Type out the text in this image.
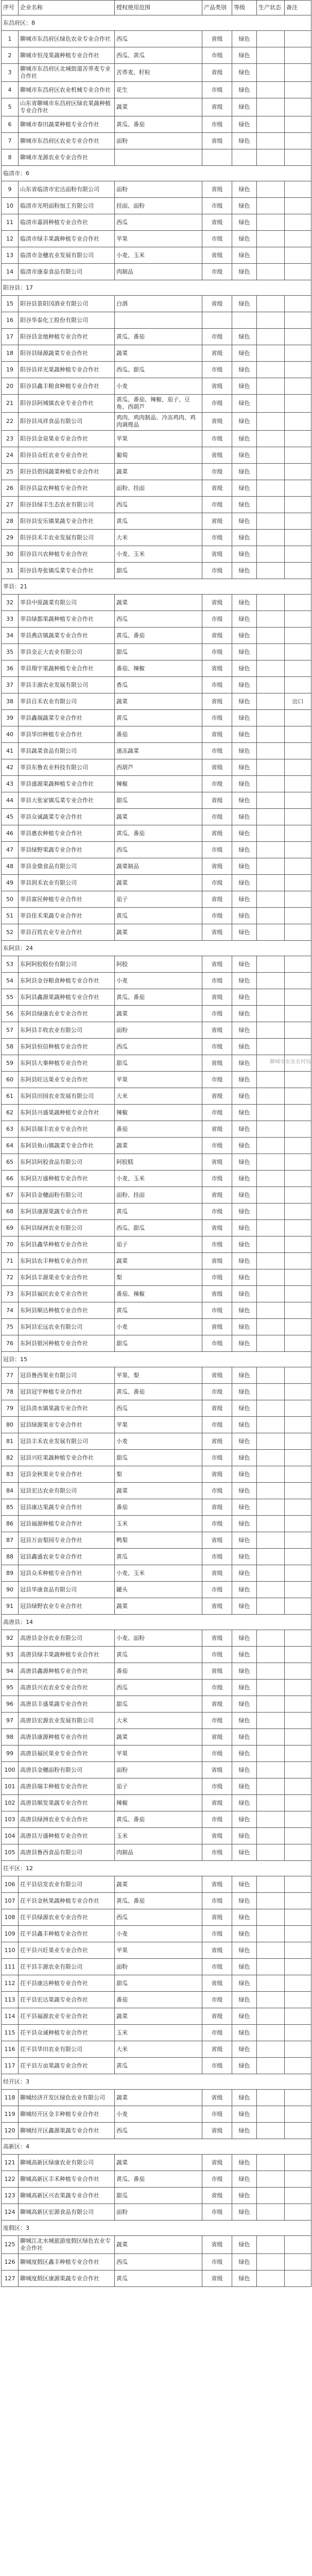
序号	企业名称	授权使用范围	产品类别	等级	生产状态	备注
东昌府区：8						
1	聊城市东昌府区绿色农业专业合作社	西瓜	省级	绿色		
2	聊城市恒茂果蔬种植专业合作社	西瓜、黄瓜	市级	绿色		
3	聊城市东昌府区北城街道苦荞麦专业合作社	苦荞麦、籽粒	省级	绿色		
4	聊城市东昌府区农业机械专业合作社	花生	市级	绿色		
5	山东省聊城市东昌府区绿农果蔬种植专业合作社	蔬菜	省级	绿色		
6	聊城市春田蔬菜种植专业合作社	黄瓜、番茄	市级	绿色		
7	聊城市东昌府区农业专业合作社	面粉	省级	绿色		
8	聊城市龙源农业专业合作社					
临清市：6						
9	山东省临清市宏达面粉有限公司	面粉	省级	绿色		
10	临清市光明面粉加工有限公司	挂面、面粉	市级	绿色		
11	临清市嘉润种植专业合作社	西瓜	省级	绿色		
12	临清市绿丰果蔬种植专业合作社	苹果	市级	绿色		
13	临清市金穗农业发展有限公司	小麦、玉米	省级	绿色		
14	临清市康泰食品有限公司	肉制品	市级	绿色		
阳谷县：17						
15	阳谷县景阳冈酒业有限公司	白酒	省级	绿色		
16	阳谷华泰化工股份有限公司					
17	阳谷县金地种植专业合作社	黄瓜、番茄	市级	绿色		
18	阳谷县绿源蔬菜专业合作社	蔬菜	省级	绿色		
19	阳谷县祥光果蔬种植专业合作社	西瓜、甜瓜	市级	绿色		
20	阳谷县鑫丰粮食种植专业合作社	小麦	省级	绿色		
21	阳谷县阿城镇农业专业合作社	黄瓜、番茄、辣椒、茄子、豆角、西葫芦	市级	绿色		
22	阳谷县凤祥食品有限公司	鸡肉、鸡肉制品、冷冻鸡肉、鸡肉调理品	省级	绿色		
23	阳谷县金泉果业专业合作社	苹果	市级	绿色		
24	阳谷县众旺农业专业合作社	葡萄	省级	绿色		
25	阳谷县碧园蔬菜种植专业合作社	蔬菜	市级	绿色		
26	阳谷县益农种植专业合作社	面粉、挂面	省级	绿色		
27	阳谷县绿丰生态农业有限公司	西瓜	市级	绿色		
28	阳谷县安乐镇果蔬专业合作社	黄瓜	省级	绿色		
29	阳谷县禾丰农业发展有限公司	大米	市级	绿色		
30	阳谷县兴农种植专业合作社	小麦、玉米	省级	绿色		
31	阳谷县寿张镇瓜菜专业合作社	甜瓜	市级	绿色		
莘县：21						
32	莘县中原蔬菜有限公司	蔬菜	省级	绿色		
33	莘县绿都果蔬种植专业合作社	西瓜	市级	绿色		
34	莘县燕店镇蔬菜专业合作社	黄瓜、番茄	省级	绿色		
35	莘县金正大农业有限公司	甜瓜	市级	绿色		
36	莘县翔宇果蔬种植专业合作社	番茄、辣椒	省级	绿色		
37	莘县丰源农业发展有限公司	香瓜	市级	绿色		
38	莘县百禾农业有限公司	蔬菜	省级	绿色		出口
39	莘县鑫瑞蔬菜专业合作社	黄瓜	市级	绿色		
40	莘县华田种植专业合作社	番茄	省级	绿色		
41	莘县蔬菜食品有限公司	速冻蔬菜	市级	绿色		
42	莘县东鲁农业科技有限公司	西葫芦	省级	绿色		
43	莘县盛源果蔬种植专业合作社	辣椒	市级	绿色		
44	莘县大张家镇瓜菜专业合作社	甜瓜	省级	绿色		
45	莘县众诚蔬菜专业合作社	蔬菜	市级	绿色		
46	莘县惠农种植专业合作社	黄瓜、番茄	省级	绿色		
47	莘县绿野果蔬专业合作社	西瓜	市级	绿色		
48	莘县金鼎食品有限公司	蔬菜制品	省级	绿色		
49	莘县润禾农业有限公司	蔬菜	市级	绿色		
50	莘县富民种植专业合作社	茄子	省级	绿色		
51	莘县佳禾果蔬专业合作社	黄瓜	市级	绿色		
52	莘县百姓农业专业合作社	蔬菜	省级	绿色		
东阿县：24						
53	东阿阿胶股份有限公司	阿胶	省级	绿色		
54	东阿县金谷粮食种植专业合作社	小麦	市级	绿色		
55	东阿县鑫源果蔬种植专业合作社	黄瓜、番茄	省级	绿色		
56	东阿县绿康农业专业合作社	蔬菜	市级	绿色		
57	东阿县丰收农业有限公司	面粉	省级	绿色		
58	东阿县恒信种植专业合作社	西瓜	市级	绿色		
59	东阿县大秦种植专业合作社	甜瓜	省级	绿色		
60	东阿县旺达果业专业合作社	苹果	市级	绿色		
61	东阿县田园农业发展有限公司	大米	省级	绿色		
62	东阿县兴盛果蔬种植专业合作社	辣椒	市级	绿色		
63	东阿县瑞丰农业专业合作社	番茄	省级	绿色		
64	东阿县鱼山镇蔬菜专业合作社	蔬菜	市级	绿色		
65	东阿县阿胶食品有限公司	阿胶糕	省级	绿色		
66	东阿县万盛种植专业合作社	小麦、玉米	市级	绿色		
67	东阿县金穗面粉有限公司	面粉、挂面	省级	绿色		
68	东阿县康源果蔬专业合作社	黄瓜	市级	绿色		
69	东阿县绿洲农业有限公司	西瓜、甜瓜	省级	绿色		
70	东阿县鑫华种植专业合作社	茄子	市级	绿色		
71	东阿县农丰种植专业合作社	蔬菜	省级	绿色		
72	东阿县丰源果业专业合作社	梨	市级	绿色		
73	东阿县福民农业专业合作社	番茄、辣椒	省级	绿色		
74	东阿县顺达种植专业合作社	黄瓜	市级	绿色		
75	东阿县宏远农业有限公司	小麦	省级	绿色		
76	东阿县银河种植专业合作社	甜瓜	市级	绿色		
冠县：15						
77	冠县鲁西果业有限公司	苹果、梨	省级	绿色		
78	冠县冠宇种植专业合作社	黄瓜、番茄	市级	绿色		
79	冠县清水镇果蔬专业合作社	西瓜	省级	绿色		
80	冠县绿源果业专业合作社	苹果	市级	绿色		
81	冠县丰禾农业发展有限公司	小麦	省级	绿色		
82	冠县兴旺果蔬种植专业合作社	甜瓜	市级	绿色		
83	冠县金秋果业专业合作社	梨	省级	绿色		
84	冠县宏达农业有限公司	蔬菜	市级	绿色		
85	冠县康达果蔬专业合作社	番茄	省级	绿色		
86	冠县福源种植专业合作社	玉米	市级	绿色		
87	冠县万亩梨园专业合作社	鸭梨	省级	绿色		
88	冠县鑫盛农业专业合作社	黄瓜	市级	绿色		
89	冠县众禾种植专业合作社	小麦、玉米	省级	绿色		
90	冠县华康食品有限公司	罐头	市级	绿色		
91	冠县绿野农业专业合作社	蔬菜	省级	绿色		
高唐县：14						
92	高唐县金谷农业有限公司	小麦、面粉	省级	绿色		
93	高唐县绿丰果蔬种植专业合作社	黄瓜	市级	绿色		
94	高唐县鑫源种植专业合作社	番茄	省级	绿色		
95	高唐县兴农农业专业合作社	西瓜	市级	绿色		
96	高唐县丰盛果蔬专业合作社	甜瓜	省级	绿色		
97	高唐县宏源农业发展有限公司	大米	市级	绿色		
98	高唐县康源种植专业合作社	蔬菜	省级	绿色		
99	高唐县福民果业专业合作社	苹果	市级	绿色		
100	高唐县金穗面粉有限公司	面粉	省级	绿色		
101	高唐县瑞丰种植专业合作社	茄子	市级	绿色		
102	高唐县顺发果蔬专业合作社	辣椒	省级	绿色		
103	高唐县绿洲农业专业合作社	黄瓜、番茄	市级	绿色		
104	高唐县万盛种植专业合作社	玉米	省级	绿色		
105	高唐县鲁西食品有限公司	肉制品	市级	绿色		
茌平区：12						
106	茌平县信发农业有限公司	蔬菜	省级	绿色		
107	茌平县金秋果蔬种植专业合作社	黄瓜、番茄	市级	绿色		
108	茌平县绿源农业专业合作社	西瓜	省级	绿色		
109	茌平县鑫丰种植专业合作社	小麦	市级	绿色		
110	茌平县兴旺果业专业合作社	苹果	省级	绿色		
111	茌平县丰源农业有限公司	面粉	市级	绿色		
112	茌平县康达种植专业合作社	甜瓜	省级	绿色		
113	茌平县宏达果蔬专业合作社	番茄	市级	绿色		
114	茌平县福源农业专业合作社	蔬菜	省级	绿色		
115	茌平县众诚种植专业合作社	玉米	市级	绿色		
116	茌平县华田农业有限公司	大米	省级	绿色		
117	茌平县万亩果蔬专业合作社	黄瓜	市级	绿色		
经开区：3						
118	聊城经济开发区绿色农业有限公司	蔬菜	省级	绿色		
119	聊城经开区金丰种植专业合作社	小麦	市级	绿色		
120	聊城经开区鑫源果蔬专业合作社	西瓜	省级	绿色		
高新区：4						
121	聊城高新区绿康农业有限公司	蔬菜	省级	绿色		
122	聊城高新区丰禾种植专业合作社	黄瓜、番茄	市级	绿色		
123	聊城高新区兴农果蔬专业合作社	甜瓜	省级	绿色		
124	聊城高新区宏源食品有限公司	面粉	市级	绿色		
度假区：3						
125	聊城江北水城旅游度假区绿色农业专业合作社	蔬菜	省级	绿色		
126	聊城度假区鑫丰种植专业合作社	西瓜	市级	绿色		
127	聊城度假区康源果蔬专业合作社	黄瓜	省级	绿色		
聊城市农业农村局
